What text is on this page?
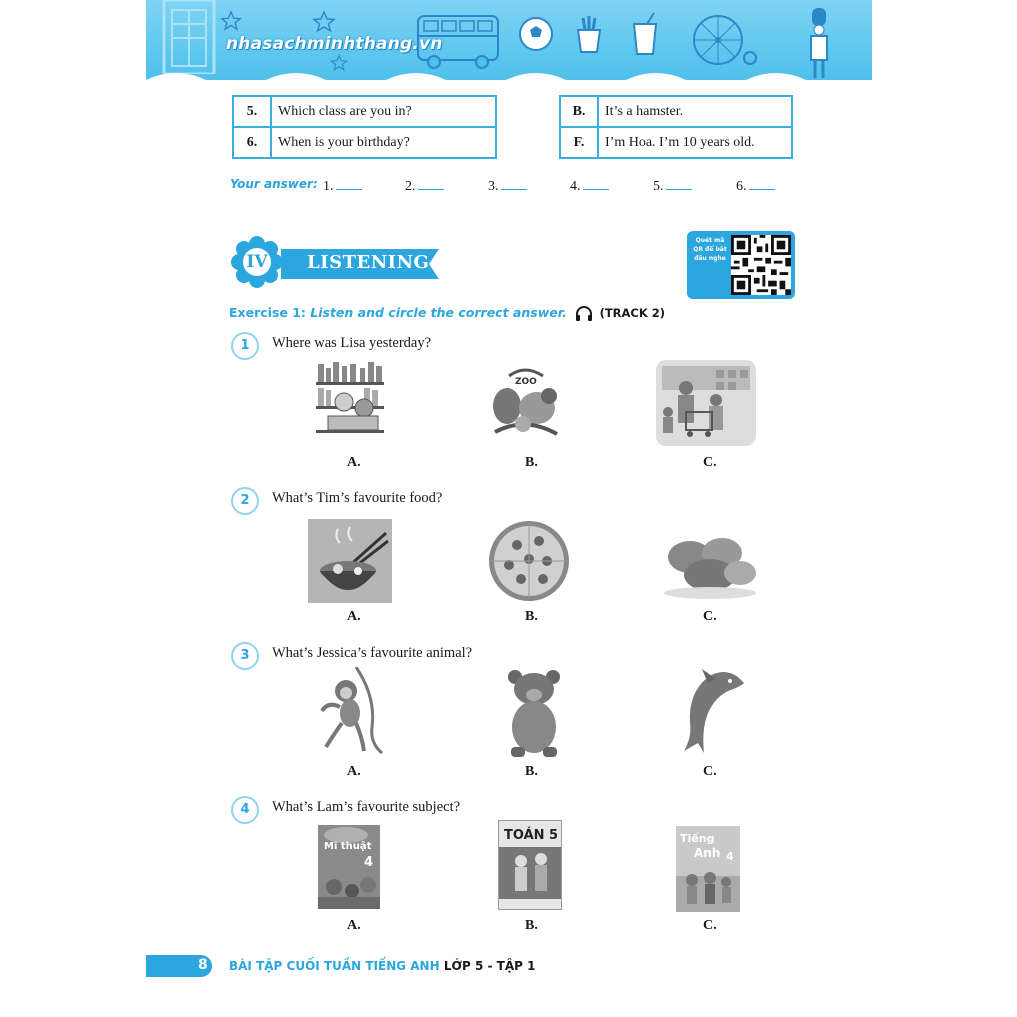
nhasachminhthang.vn
5.	Which class are you in?
6.	When is your birthday?
B.	It’s a hamster.
F.	I’m Hoa. I’m 10 years old.
Your answer: 1.	2.	3.	4.	5.	6.
IV	LISTENING
Quét mã QR để bắt đầu nghe
Exercise 1: Listen and circle the correct answer.	(TRACK 2)
1	Where was Lisa yesterday?
ZOO
A.	B.	C.
2	What’s Tim’s favourite food?
A.	B.	C.
3	What’s Jessica’s favourite animal?
A.	B.	C.
4	What’s Lam’s favourite subject?
Mĩ thuật
4
TOÁN 5	Tiếng
Anh 4
A.	B.	C.
8 BÀI TẬP CUỐI TUẦN TIẾNG ANH LỚP 5 - TẬP 1
